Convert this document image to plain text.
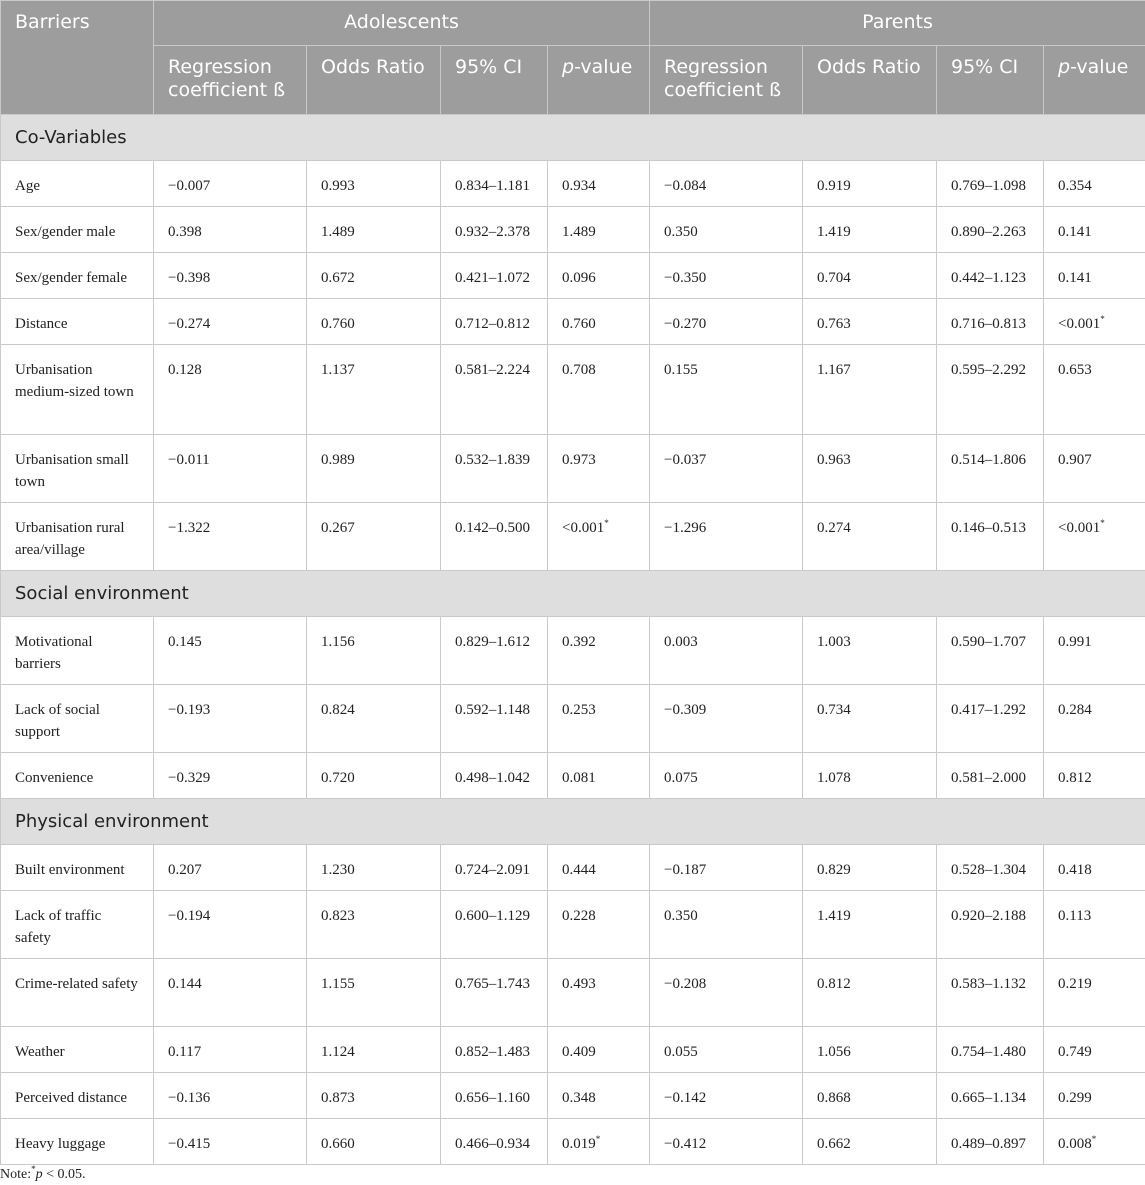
Barriers	Adolescents				Parents			
	Regression coefficient ß	Odds Ratio	95% CI	p-value	Regression coefficient ß	Odds Ratio	95% CI	p-value
Co-Variables								
Age	−0.007	0.993	0.834–1.181	0.934	−0.084	0.919	0.769–1.098	0.354
Sex/gender male	0.398	1.489	0.932–2.378	1.489	0.350	1.419	0.890–2.263	0.141
Sex/gender female	−0.398	0.672	0.421–1.072	0.096	−0.350	0.704	0.442–1.123	0.141
Distance	−0.274	0.760	0.712–0.812	0.760	−0.270	0.763	0.716–0.813	<0.001*
Urbanisation medium-sized town	0.128	1.137	0.581–2.224	0.708	0.155	1.167	0.595–2.292	0.653
Urbanisation small town	−0.011	0.989	0.532–1.839	0.973	−0.037	0.963	0.514–1.806	0.907
Urbanisation rural area/village	−1.322	0.267	0.142–0.500	<0.001*	−1.296	0.274	0.146–0.513	<0.001*
Social environment								
Motivational barriers	0.145	1.156	0.829–1.612	0.392	0.003	1.003	0.590–1.707	0.991
Lack of social support	−0.193	0.824	0.592–1.148	0.253	−0.309	0.734	0.417–1.292	0.284
Convenience	−0.329	0.720	0.498–1.042	0.081	0.075	1.078	0.581–2.000	0.812
Physical environment								
Built environment	0.207	1.230	0.724–2.091	0.444	−0.187	0.829	0.528–1.304	0.418
Lack of traffic safety	−0.194	0.823	0.600–1.129	0.228	0.350	1.419	0.920–2.188	0.113
Crime-related safety	0.144	1.155	0.765–1.743	0.493	−0.208	0.812	0.583–1.132	0.219
Weather	0.117	1.124	0.852–1.483	0.409	0.055	1.056	0.754–1.480	0.749
Perceived distance	−0.136	0.873	0.656–1.160	0.348	−0.142	0.868	0.665–1.134	0.299
Heavy luggage	−0.415	0.660	0.466–0.934	0.019*	−0.412	0.662	0.489–0.897	0.008*
Note:*p < 0.05.
